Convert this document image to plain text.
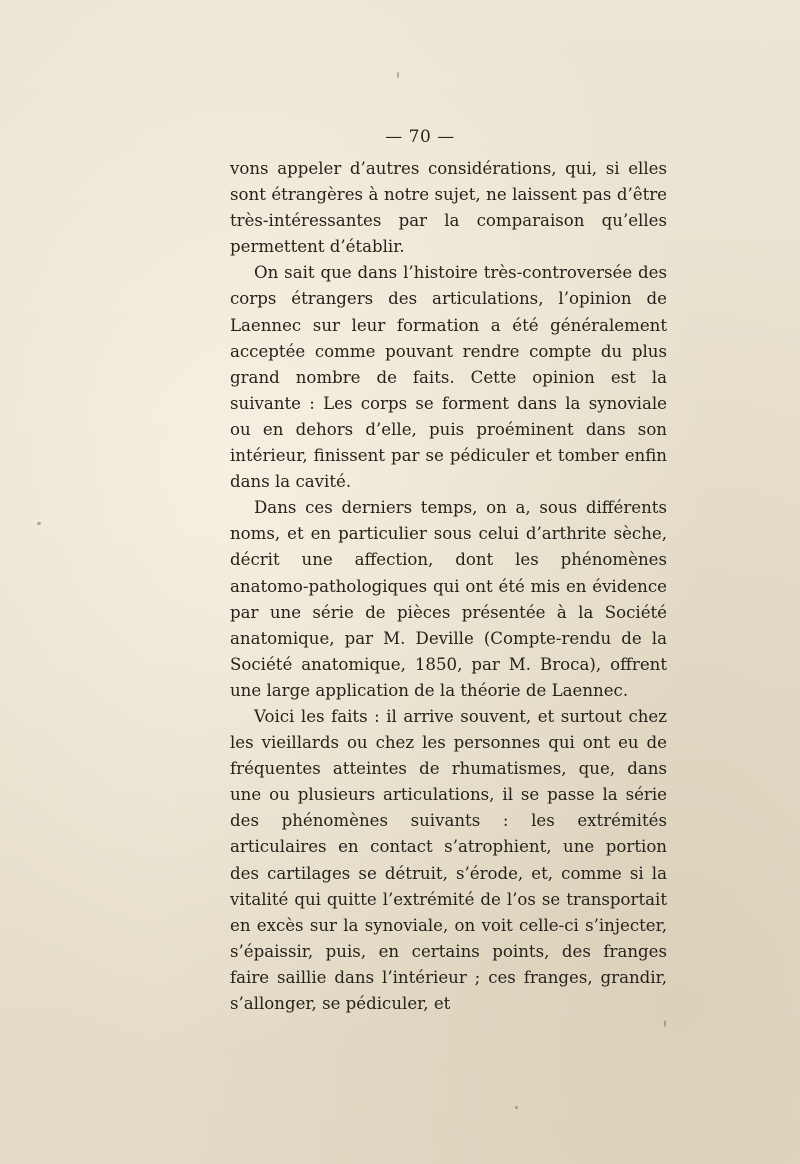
— 70 —

vons appeler d’autres considérations, qui, si elles sont étrangères à notre sujet, ne laissent pas d’être très-intéressantes par la comparaison qu’elles permettent d’établir.

On sait que dans l’histoire très-controversée des corps étrangers des articulations, l’opinion de Laennec sur leur formation a été généralement acceptée comme pouvant rendre compte du plus grand nombre de faits. Cette opinion est la suivante : Les corps se forment dans la synoviale ou en dehors d’elle, puis proéminent dans son intérieur, finissent par se pédiculer et tomber enfin dans la cavité.

Dans ces derniers temps, on a, sous différents noms, et en particulier sous celui d’arthrite sèche, décrit une affection, dont les phénomènes anatomo-pathologiques qui ont été mis en évidence par une série de pièces présentée à la Société anatomique, par M. Deville (Compte-rendu de la Société anatomique, 1850, par M. Broca), offrent une large application de la théorie de Laennec.

Voici les faits : il arrive souvent, et surtout chez les vieillards ou chez les personnes qui ont eu de fréquentes atteintes de rhumatismes, que, dans une ou plusieurs articulations, il se passe la série des phénomènes suivants : les extrémités articulaires en contact s’atrophient, une portion des cartilages se détruit, s’érode, et, comme si la vitalité qui quitte l’extrémité de l’os se transportait en excès sur la synoviale, on voit celle-ci s’injecter, s’épaissir, puis, en certains points, des franges faire saillie dans l’intérieur ; ces franges, grandir, s’allonger, se pédiculer, et
